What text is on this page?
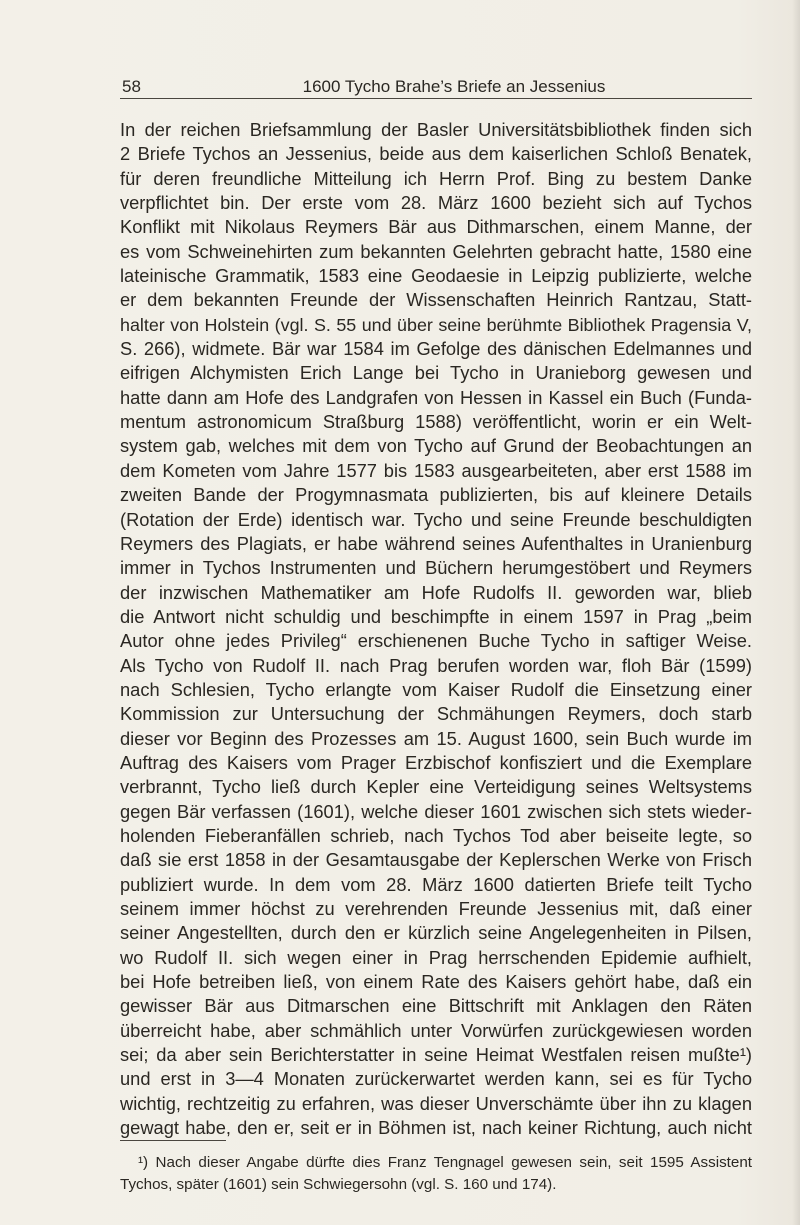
58	1600 Tycho Brahe’s Briefe an Jessenius
In der reichen Briefsammlung der Basler Universitätsbibliothek finden sich
2 Briefe Tychos an Jessenius, beide aus dem kaiserlichen Schloß Benatek,
für deren freundliche Mitteilung ich Herrn Prof. Bing zu bestem Danke
verpflichtet bin. Der erste vom 28. März 1600 bezieht sich auf Tychos
Konflikt mit Nikolaus Reymers Bär aus Dithmarschen, einem Manne, der
es vom Schweinehirten zum bekannten Gelehrten gebracht hatte, 1580 eine
lateinische Grammatik, 1583 eine Geodaesie in Leipzig publizierte, welche
er dem bekannten Freunde der Wissenschaften Heinrich Rantzau, Statt-
halter von Holstein (vgl. S. 55 und über seine berühmte Bibliothek Pragensia V,
S. 266), widmete. Bär war 1584 im Gefolge des dänischen Edelmannes und
eifrigen Alchymisten Erich Lange bei Tycho in Uranieborg gewesen und
hatte dann am Hofe des Landgrafen von Hessen in Kassel ein Buch (Funda-
mentum astronomicum Straßburg 1588) veröffentlicht, worin er ein Welt-
system gab, welches mit dem von Tycho auf Grund der Beobachtungen an
dem Kometen vom Jahre 1577 bis 1583 ausgearbeiteten, aber erst 1588 im
zweiten Bande der Progymnasmata publizierten, bis auf kleinere Details
(Rotation der Erde) identisch war. Tycho und seine Freunde beschuldigten
Reymers des Plagiats, er habe während seines Aufenthaltes in Uranienburg
immer in Tychos Instrumenten und Büchern herumgestöbert und Reymers
der inzwischen Mathematiker am Hofe Rudolfs II. geworden war, blieb
die Antwort nicht schuldig und beschimpfte in einem 1597 in Prag „beim
Autor ohne jedes Privileg“ erschienenen Buche Tycho in saftiger Weise.
Als Tycho von Rudolf II. nach Prag berufen worden war, floh Bär (1599)
nach Schlesien, Tycho erlangte vom Kaiser Rudolf die Einsetzung einer
Kommission zur Untersuchung der Schmähungen Reymers, doch starb
dieser vor Beginn des Prozesses am 15. August 1600, sein Buch wurde im
Auftrag des Kaisers vom Prager Erzbischof konfisziert und die Exemplare
verbrannt, Tycho ließ durch Kepler eine Verteidigung seines Weltsystems
gegen Bär verfassen (1601), welche dieser 1601 zwischen sich stets wieder-
holenden Fieberanfällen schrieb, nach Tychos Tod aber beiseite legte, so
daß sie erst 1858 in der Gesamtausgabe der Keplerschen Werke von Frisch
publiziert wurde. In dem vom 28. März 1600 datierten Briefe teilt Tycho
seinem immer höchst zu verehrenden Freunde Jessenius mit, daß einer
seiner Angestellten, durch den er kürzlich seine Angelegenheiten in Pilsen,
wo Rudolf II. sich wegen einer in Prag herrschenden Epidemie aufhielt,
bei Hofe betreiben ließ, von einem Rate des Kaisers gehört habe, daß ein
gewisser Bär aus Ditmarschen eine Bittschrift mit Anklagen den Räten
überreicht habe, aber schmählich unter Vorwürfen zurückgewiesen worden
sei; da aber sein Berichterstatter in seine Heimat Westfalen reisen mußte¹)
und erst in 3—4 Monaten zurückerwartet werden kann, sei es für Tycho
wichtig, rechtzeitig zu erfahren, was dieser Unverschämte über ihn zu klagen
gewagt habe, den er, seit er in Böhmen ist, nach keiner Richtung, auch nicht
¹) Nach dieser Angabe dürfte dies Franz Tengnagel gewesen sein, seit 1595 Assistent
Tychos, später (1601) sein Schwiegersohn (vgl. S. 160 und 174).
